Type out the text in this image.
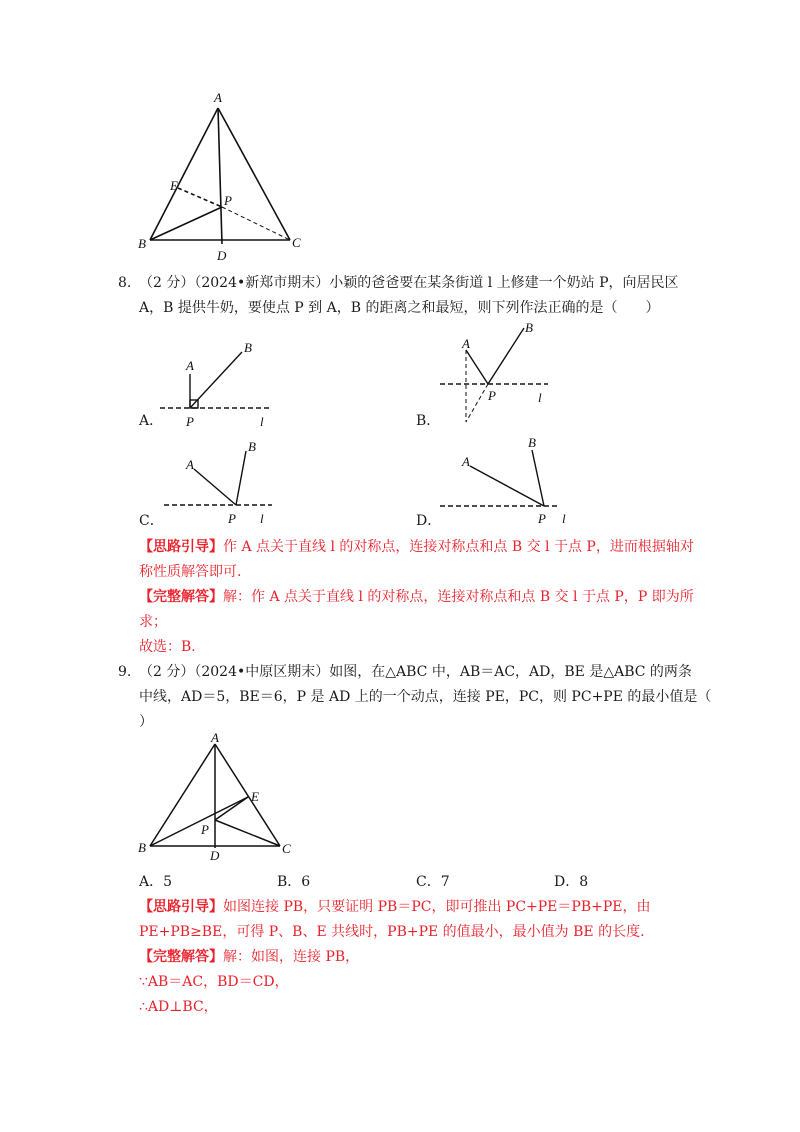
A
E
P
B	C
D
8. （2 分）（2024•新郑市期末）小颖的爸爸要在某条街道 l 上修建一个奶站 P，向居民区
A，B 提供牛奶，要使点 P 到 A，B 的距离之和最短，则下列作法正确的是（　　）
A．
A
B
P	l	B．
A
B
P	l
C．
A
B
P l	D．
A
B
P l
【思路引导】作 A 点关于直线 l 的对称点，连接对称点和点 B 交 l 于点 P，进而根据轴对
称性质解答即可.
【完整解答】解：作 A 点关于直线 l 的对称点，连接对称点和点 B 交 l 于点 P，P 即为所
求；
故选：B.
9. （2 分）（2024•中原区期末）如图，在△ABC 中，AB＝AC，AD，BE 是△ABC 的两条
中线，AD＝5，BE＝6，P 是 AD 上的一个动点，连接 PE，PC，则 PC+PE 的最小值是（
）
A
E
P
B	C
D
A．5	B．6	C．7	D．8
【思路引导】如图连接 PB，只要证明 PB＝PC，即可推出 PC+PE＝PB+PE，由
PE+PB≥BE，可得 P、B、E 共线时，PB+PE 的值最小，最小值为 BE 的长度.
【完整解答】解：如图，连接 PB，
∵AB＝AC，BD＝CD，
∴AD⊥BC，
